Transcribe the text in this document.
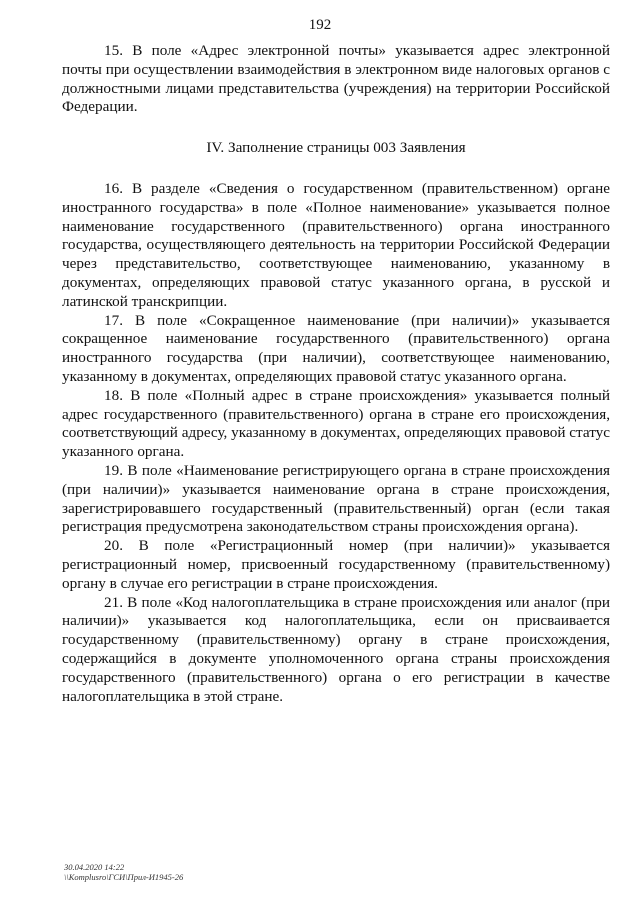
192

15. В поле «Адрес электронной почты» указывается адрес электронной почты при осуществлении взаимодействия в электронном виде налоговых органов с должностными лицами представительства (учреждения) на территории Российской Федерации.

IV. Заполнение страницы 003 Заявления

16. В разделе «Сведения о государственном (правительственном) органе иностранного государства» в поле «Полное наименование» указывается полное наименование государственного (правительственного) органа иностранного государства, осуществляющего деятельность на территории Российской Федерации через представительство, соответствующее наименованию, указанному в документах, определяющих правовой статус указанного органа, в русской и латинской транскрипции.

17. В поле «Сокращенное наименование (при наличии)» указывается сокращенное наименование государственного (правительственного) органа иностранного государства (при наличии), соответствующее наименованию, указанному в документах, определяющих правовой статус указанного органа.

18. В поле «Полный адрес в стране происхождения» указывается полный адрес государственного (правительственного) органа в стране его происхождения, соответствующий адресу, указанному в документах, определяющих правовой статус указанного органа.

19. В поле «Наименование регистрирующего органа в стране происхождения (при наличии)» указывается наименование органа в стране происхождения, зарегистрировавшего государственный (правительственный) орган (если такая регистрация предусмотрена законодательством страны происхождения органа).

20. В поле «Регистрационный номер (при наличии)» указывается регистрационный номер, присвоенный государственному (правительственному) органу в случае его регистрации в стране происхождения.

21. В поле «Код налогоплательщика в стране происхождения или аналог (при наличии)» указывается код налогоплательщика, если он присваивается государственному (правительственному) органу в стране происхождения, содержащийся в документе уполномоченного органа страны происхождения государственного (правительственного) органа о его регистрации в качестве налогоплательщика в этой стране.

30.04.2020 14:22
\\Komplusro\ГСИ\Прил-И1945-26
